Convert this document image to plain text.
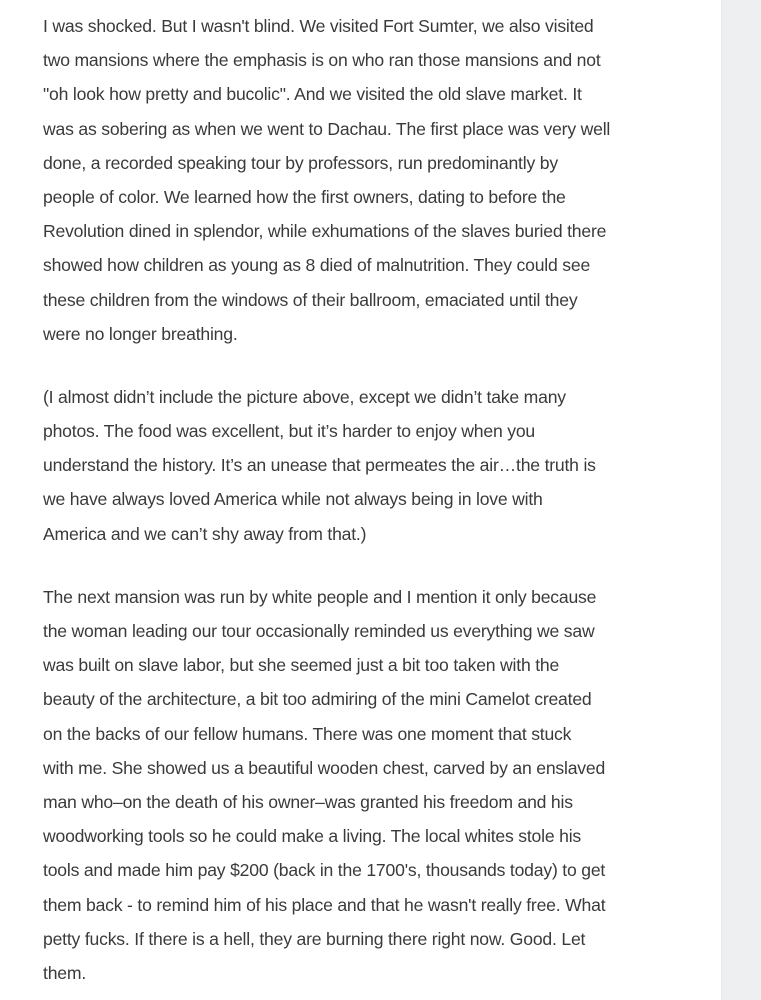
I was shocked. But I wasn't blind. We visited Fort Sumter, we also visited
two mansions where the emphasis is on who ran those mansions and not
"oh look how pretty and bucolic". And we visited the old slave market. It
was as sobering as when we went to Dachau. The first place was very well
done, a recorded speaking tour by professors, run predominantly by
people of color. We learned how the first owners, dating to before the
Revolution dined in splendor, while exhumations of the slaves buried there
showed how children as young as 8 died of malnutrition. They could see
these children from the windows of their ballroom, emaciated until they
were no longer breathing.

(I almost didn’t include the picture above, except we didn’t take many
photos. The food was excellent, but it’s harder to enjoy when you
understand the history. It’s an unease that permeates the air…the truth is
we have always loved America while not always being in love with
America and we can’t shy away from that.)

The next mansion was run by white people and I mention it only because
the woman leading our tour occasionally reminded us everything we saw
was built on slave labor, but she seemed just a bit too taken with the
beauty of the architecture, a bit too admiring of the mini Camelot created
on the backs of our fellow humans. There was one moment that stuck
with me. She showed us a beautiful wooden chest, carved by an enslaved
man who–on the death of his owner–was granted his freedom and his
woodworking tools so he could make a living. The local whites stole his
tools and made him pay $200 (back in the 1700's, thousands today) to get
them back - to remind him of his place and that he wasn't really free. What
petty fucks. If there is a hell, they are burning there right now. Good. Let
them.
